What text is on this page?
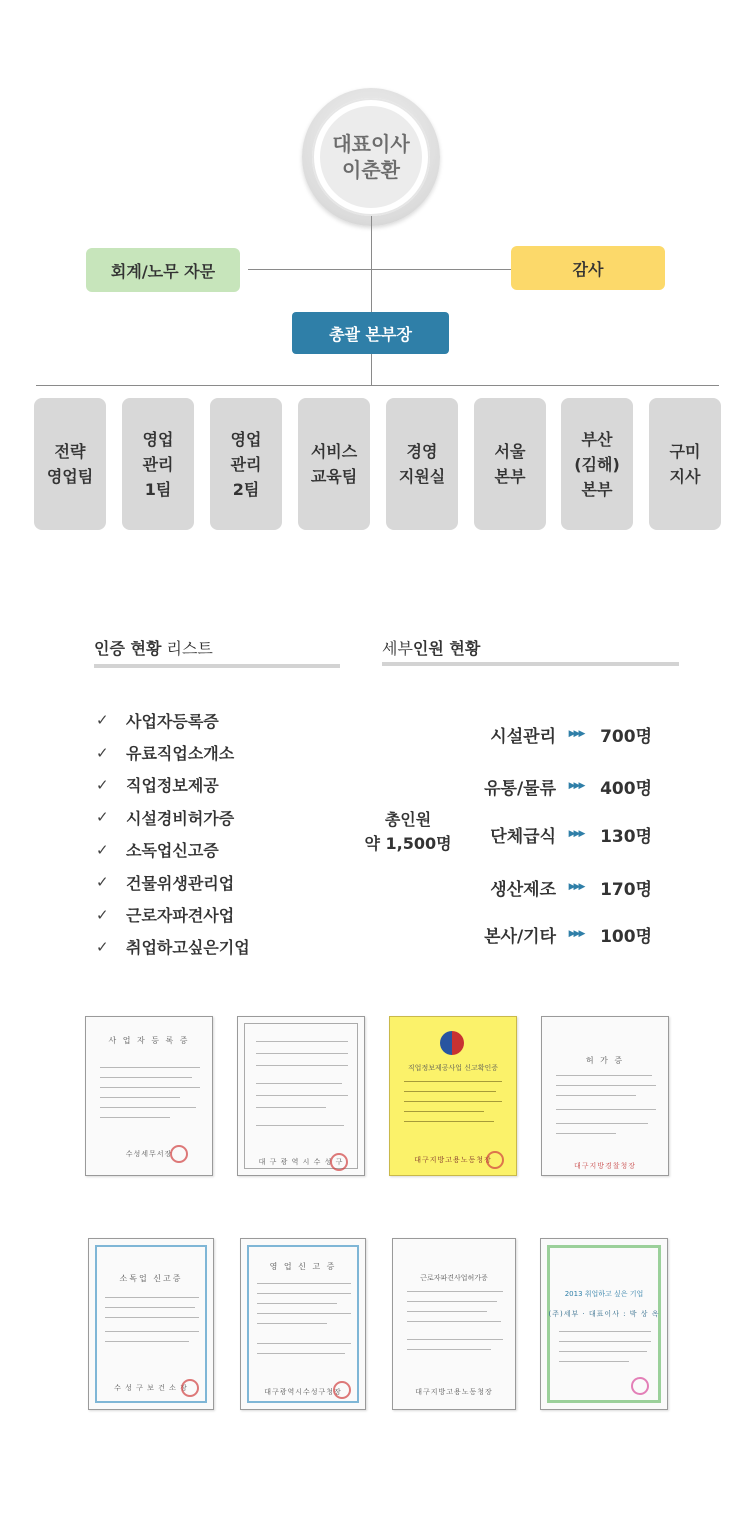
대표이사
이춘환
회계/노무 자문	감사
총괄 본부장
전략
영업팀
영업
관리
1팀
영업
관리
2팀
서비스
교육팀
경영
지원실
서울
본부
부산
(김해)
본부
구미
지사
인증 현황 리스트	세부인원 현황
✓	사업자등록증
✓	유료직업소개소
✓	직업정보제공
✓	시설경비허가증
✓	소독업신고증
✓	건물위생관리업
✓	근로자파견사업
✓	취업하고싶은기업
총인원
약 1,500명
시설관리	▶▶▶ 700명
유통/물류	▶▶▶ 400명
단체급식	▶▶▶ 130명
생산제조	▶▶▶ 170명
본사/기타	▶▶▶ 100명
사 업 자 등 록 증
수성세무서장
대 구 광 역 시 수 성 구
직업정보제공사업 신고확인증
대구지방고용노동청장
허 가 증
대구지방경찰청장
소독업 신고증
수 성 구 보 건 소 장
영 업 신 고 증
대구광역시수성구청장
근로자파견사업허가증
대구지방고용노동청장
2013 취업하고 싶은 기업
(주)세부 · 대표이사 : 박 상 옥
